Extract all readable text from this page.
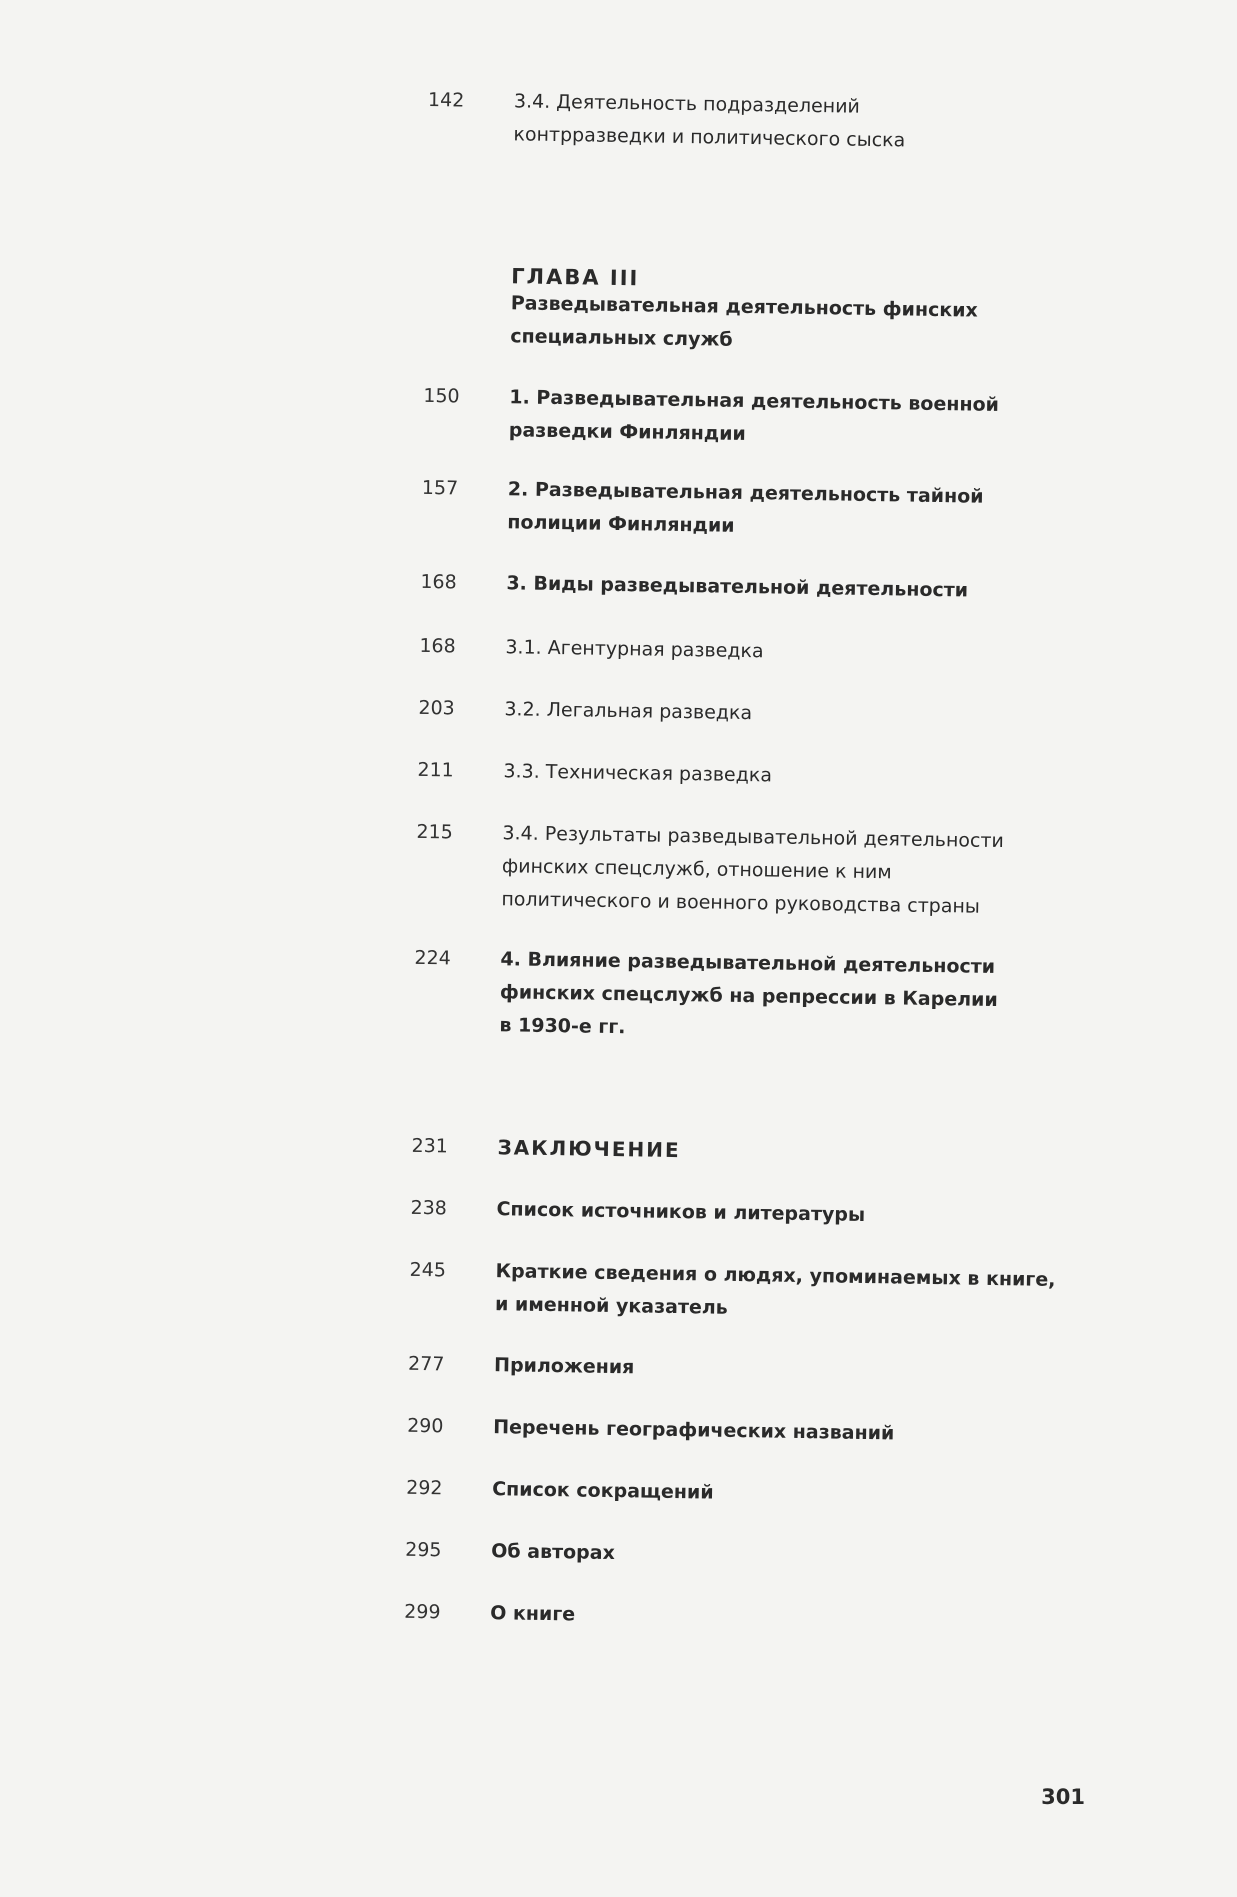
142	3.4. Деятельность подразделений контрразведки и политического сыска
ГЛАВА III
Разведывательная деятельность финских специальных служб
150	1. Разведывательная деятельность военной разведки Финляндии
157	2. Разведывательная деятельность тайной полиции Финляндии
168	3. Виды разведывательной деятельности
168	3.1. Агентурная разведка
203	3.2. Легальная разведка
211	3.3. Техническая разведка
215	3.4. Результаты разведывательной деятельности финских спецслужб, отношение к ним политического и военного руководства страны
224	4. Влияние разведывательной деятельности финских спецслужб на репрессии в Карелии в 1930-е гг.
231	ЗАКЛЮЧЕНИЕ
238	Список источников и литературы
245	Краткие сведения о людях, упоминаемых в книге, и именной указатель
277	Приложения
290	Перечень географических названий
292	Список сокращений
295	Об авторах
299	О книге
301
